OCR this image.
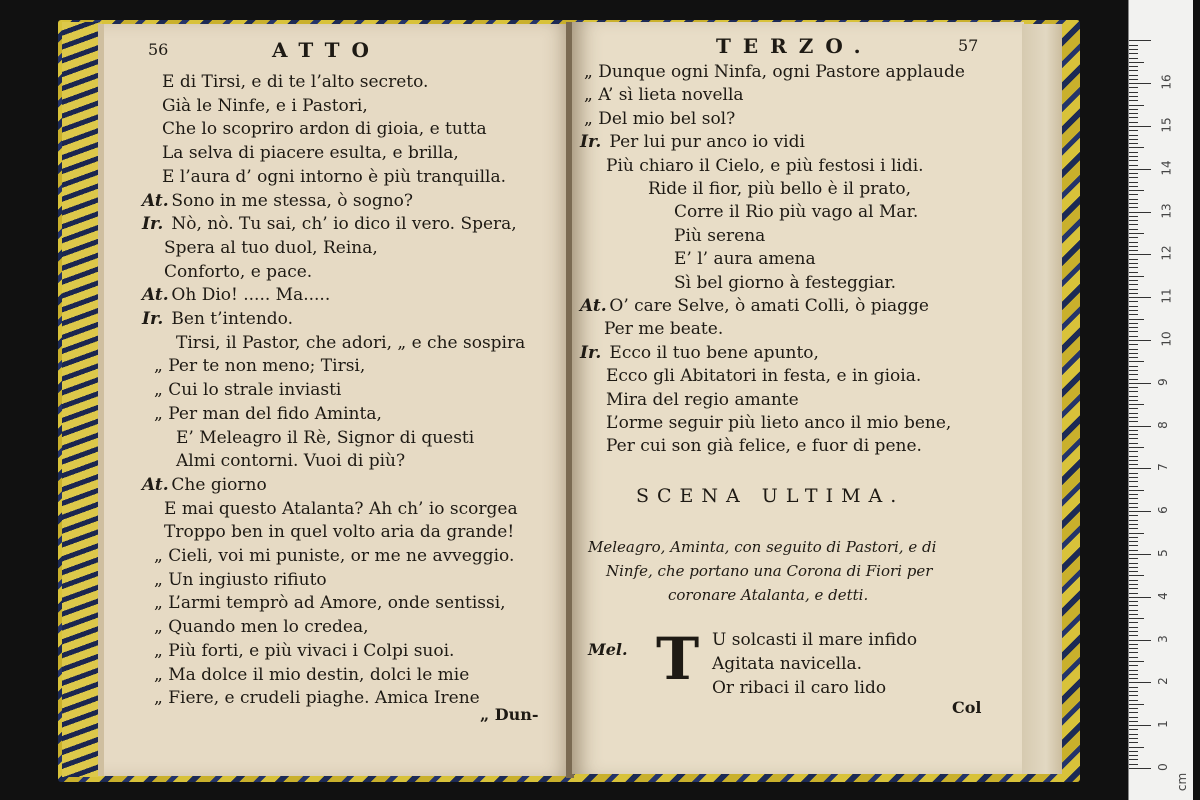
56	ATTO
E di Tirsi, e di te l’alto secreto.
Già le Ninfe, e i Pastori,
Che lo scopriro ardon di gioia, e tutta
La selva di piacere esulta, e brilla,
E l’aura d’ ogni intorno è più tranquilla.
At. Sono in me stessa, ò sogno?
Ir. Nò, nò. Tu sai, ch’ io dico il vero. Spera,
Spera al tuo duol, Reina,
Conforto, e pace.
At. Oh Dio! ..... Ma.....
Ir. Ben t’intendo.
Tirsi, il Pastor, che adori, „ e che sospira
„ Per te non meno; Tirsi,
„ Cui lo strale inviasti
„ Per man del fido Aminta,
E’ Meleagro il Rè, Signor di questi
Almi contorni. Vuoi di più?
At. Che giorno
E mai questo Atalanta? Ah ch’ io scorgea
Troppo ben in quel volto aria da grande!
„ Cieli, voi mi puniste, or me ne avveggio.
„ Un ingiusto rifiuto
„ L’armi temprò ad Amore, onde sentissi,
„ Quando men lo credea,
„ Più forti, e più vivaci i Colpi suoi.
„ Ma dolce il mio destin, dolci le mie
„ Fiere, e crudeli piaghe. Amica Irene
„ Dun-
TERZO.	57
„ Dunque ogni Ninfa, ogni Pastore applaude
„ A’ sì lieta novella
„ Del mio bel sol?
Ir. Per lui pur anco io vidi
Più chiaro il Cielo, e più festosi i lidi.
Ride il fior, più bello è il prato,
Corre il Rio più vago al Mar.
Più serena
E’ l’ aura amena
Sì bel giorno à festeggiar.
At. O’ care Selve, ò amati Colli, ò piagge
Per me beate.
Ir. Ecco il tuo bene apunto,
Ecco gli Abitatori in festa, e in gioia.
Mira del regio amante
L’orme seguir più lieto anco il mio bene,
Per cui son già felice, e fuor di pene.
SCENA ULTIMA.
Meleagro, Aminta, con seguito di Pastori, e di
Ninfe, che portano una Corona di Fiori per
coronare Atalanta, e detti.
Mel. T U solcasti il mare infido
Agitata navicella.
Or ribaci il caro lido
Col
0
1
2
3
4
5
6
7
8
9
10
11
12
13
14
15
16
cm
